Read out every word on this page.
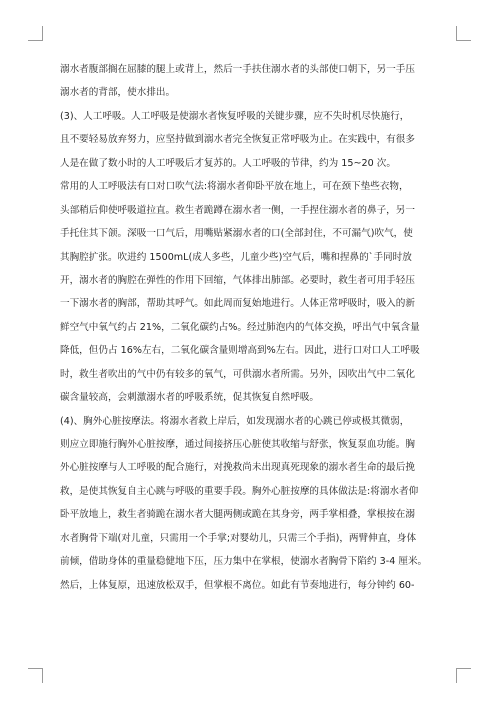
溺水者腹部搁在屈膝的腿上或背上，然后一手扶住溺水者的头部使口朝下，另一手压
溺水者的背部，使水排出。
(3)、人工呼吸。人工呼吸是使溺水者恢复呼吸的关键步骤，应不失时机尽快施行，
且不要轻易放弃努力，应坚持做到溺水者完全恢复正常呼吸为止。在实践中，有很多
人是在做了数小时的人工呼吸后才复苏的。人工呼吸的节律，约为 15~20 次。
常用的人工呼吸法有口对口吹气法:将溺水者仰卧平放在地上，可在颈下垫些衣物，
头部稍后仰使呼吸道拉直。救生者跪蹲在溺水者一侧，一手捏住溺水者的鼻子，另一
手托住其下颌。深吸一口气后，用嘴贴紧溺水者的口(全部封住，不可漏气)吹气，使
其胸腔扩张。吹进约 1500mL(成人多些，儿童少些)空气后，嘴和捏鼻的`手同时放
开，溺水者的胸腔在弹性的作用下回缩，气体排出肺部。必要时，救生者可用手轻压
一下溺水者的胸部，帮助其呼气。如此周而复始地进行。人体正常呼吸时，吸入的新
鲜空气中氧气约占 21%，二氧化碳约占%。经过肺泡内的气体交换，呼出气中氧含量
降低，但仍占 16%左右，二氧化碳含量则增高到%左右。因此，进行口对口人工呼吸
时，救生者吹出的气中仍有较多的氧气，可供溺水者所需。另外，因吹出气中二氧化
碳含量较高，会刺激溺水者的呼吸系统，促其恢复自然呼吸。
(4)、胸外心脏按摩法。将溺水者救上岸后，如发现溺水者的心跳已停或极其微弱，
则应立即施行胸外心脏按摩，通过间接挤压心脏使其收缩与舒张，恢复泵血功能。胸
外心脏按摩与人工呼吸的配合施行，对挽救尚未出现真死现象的溺水者生命的最后挽
救，是使其恢复自主心跳与呼吸的重要手段。胸外心脏按摩的具体做法是:将溺水者仰
卧平放地上，救生者骑跪在溺水者大腿两侧或跪在其身旁，两手掌相叠，掌根按在溺
水者胸骨下端(对儿童，只需用一个手掌;对婴幼儿，只需三个手指)，两臂伸直，身体
前倾，借助身体的重量稳健地下压，压力集中在掌根，使溺水者胸骨下陷约 3-4 厘米。
然后，上体复原，迅速放松双手，但掌根不离位。如此有节奏地进行，每分钟约 60-
